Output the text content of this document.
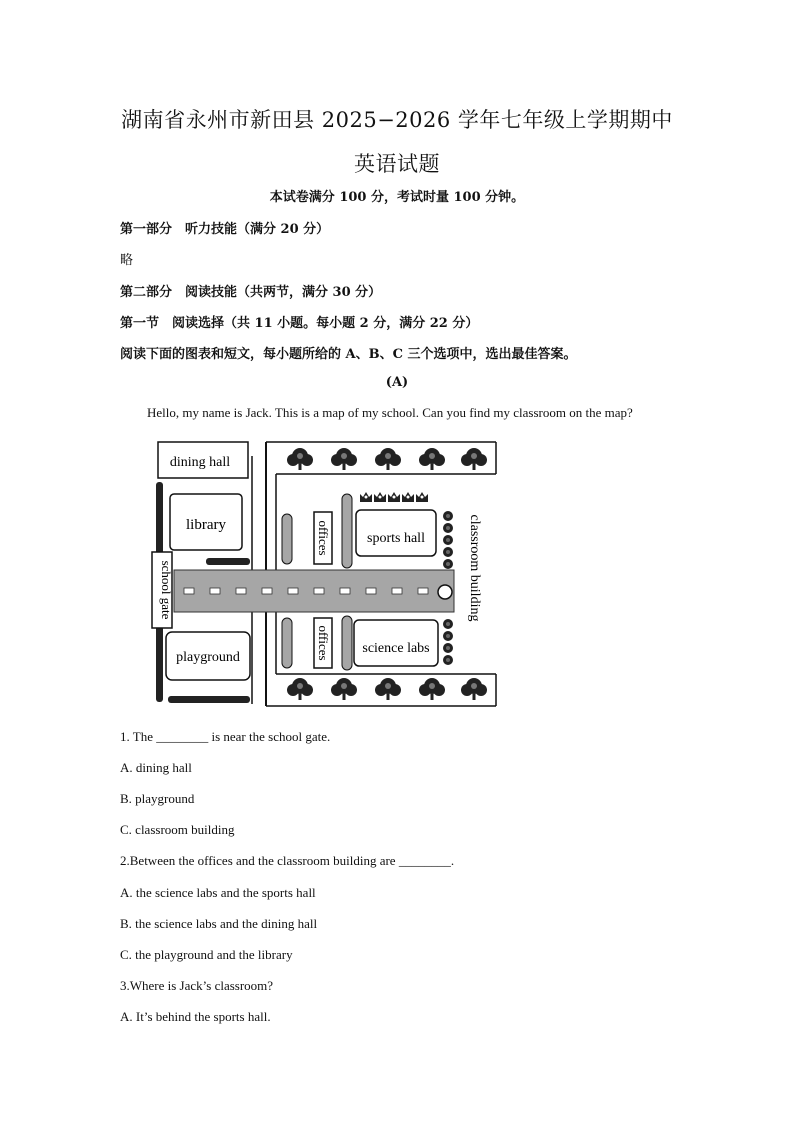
湖南省永州市新田县 2025−2026 学年七年级上学期期中
英语试题
本试卷满分 100 分，考试时量 100 分钟。
第一部分　听力技能（满分 20 分）
略
第二部分　阅读技能（共两节，满分 30 分）
第一节　阅读选择（共 11 小题。每小题 2 分，满分 22 分）
阅读下面的图表和短文，每小题所给的 A、B、C 三个选项中，选出最佳答案。
(A)
Hello, my name is Jack. This is a map of my school. Can you find my classroom on the map?
dining hall
library
school gate
playground
offices
offices
sports hall
science labs
classroom building
1. The ________ is near the school gate.
A. dining hall
B. playground
C. classroom building
2.Between the offices and the classroom building are ________.
A. the science labs and the sports hall
B. the science labs and the dining hall
C. the playground and the library
3.Where is Jack’s classroom?
A. It’s behind the sports hall.
